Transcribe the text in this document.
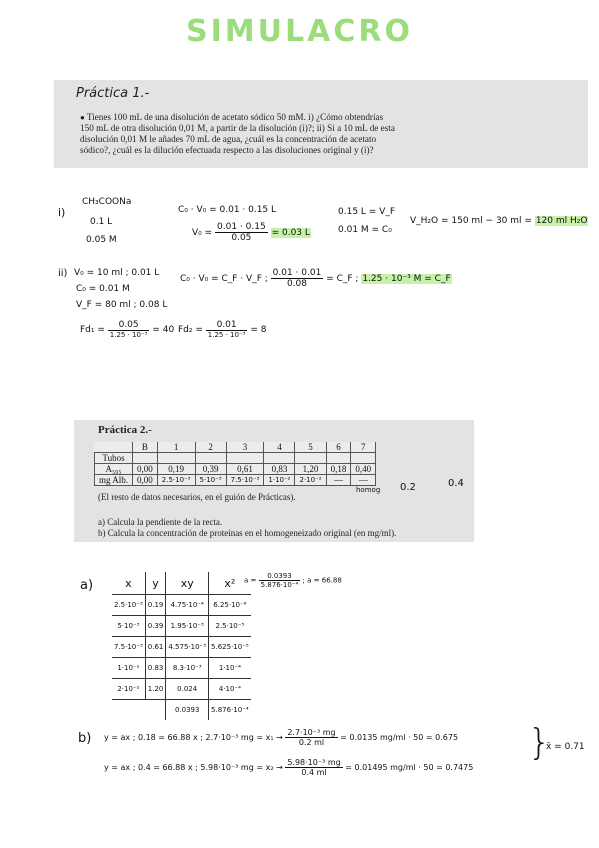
SIMULACRO
Práctica 1.-
● Tienes 100 mL de una disolución de acetato sódico 50 mM. i) ¿Cómo obtendrías
150 mL de otra disolución 0,01 M, a partir de la disolución (i)?; ii) Si a 10 mL de esta
disolución 0,01 M le añades 70 mL de agua, ¿cuál es la concentración de acetato
sódico?, ¿cuál es la dilución efectuada respecto a las disoluciones original y (i)?
i)
CH₃COONa
0.1 L
0.05 M
C₀ · V₀ = 0.01 · 0.15 L
$V_0 = \frac{0.01 \cdot 0.15}{0.05} = 0.03$ L
0.15 L = V_F
0.01 M = C₀
V_H₂O = 150 ml − 30 ml = 120 ml H₂O
ii) V₀ = 10 ml ; 0.01 L
C₀ = 0.01 M
V_F = 80 ml ; 0.08 L
C₀ · V₀ = C_F · V_F ; $\frac{0.01 \cdot 0.01}{0.08}$ = C_F ; 1.25 · 10⁻³ M = C_F
$Fd_1 = \frac{0.05}{\text{1.25 · 10⁻³}} = 40$ $Fd_2 = \frac{0.01}{\text{1.25 · 10⁻³}} = 8$
Práctica 2.-
	B	1	2	3	4	5	6	7
Tubos								
A₅₉₅	0,00	0,19	0,39	0,61	0,83	1,20	0,18	0,40
mg Alb.	0,00	2.5·10⁻³	5·10⁻³	7.5·10⁻³	1·10⁻²	2·10⁻²	—	—
(El resto de datos necesarios, en el guión de Prácticas).
a) Calcula la pendiente de la recta.
b) Calcula la concentración de proteínas en el homogeneizado original (en mg/ml).
homog 0.2	0.4
a)	x	y	xy	x²
2.5·10⁻³	0.19	4.75·10⁻⁴	6.25·10⁻⁶
5·10⁻³	0.39	1.95·10⁻³	2.5·10⁻⁵
7.5·10⁻³	0.61	4.575·10⁻³	5.625·10⁻⁵
1·10⁻²	0.83	8.3·10⁻³	1·10⁻⁴
2·10⁻²	1.20	0.024	4·10⁻⁴
		0.0393	5.876·10⁻⁴
$a = \frac{0.0393}{\text{5.876·10⁻⁴}}$ ; a = 66.88
b) y = ax ; 0.18 = 66.88 x ; 2.7·10⁻³ mg = $x_1 \to \frac{\text{2.7·10⁻³ mg}}{0.2 ml} = 0.0135$ mg/ml · 50 = 0.675
y = ax ; 0.4 = 66.88 x ; 5.98·10⁻³ mg = $x_2 \to \frac{\text{5.98·10⁻³ mg}}{0.4 ml} = 0.01495$ mg/ml · 50 = 0.7475
}
x̄ = 0.71
